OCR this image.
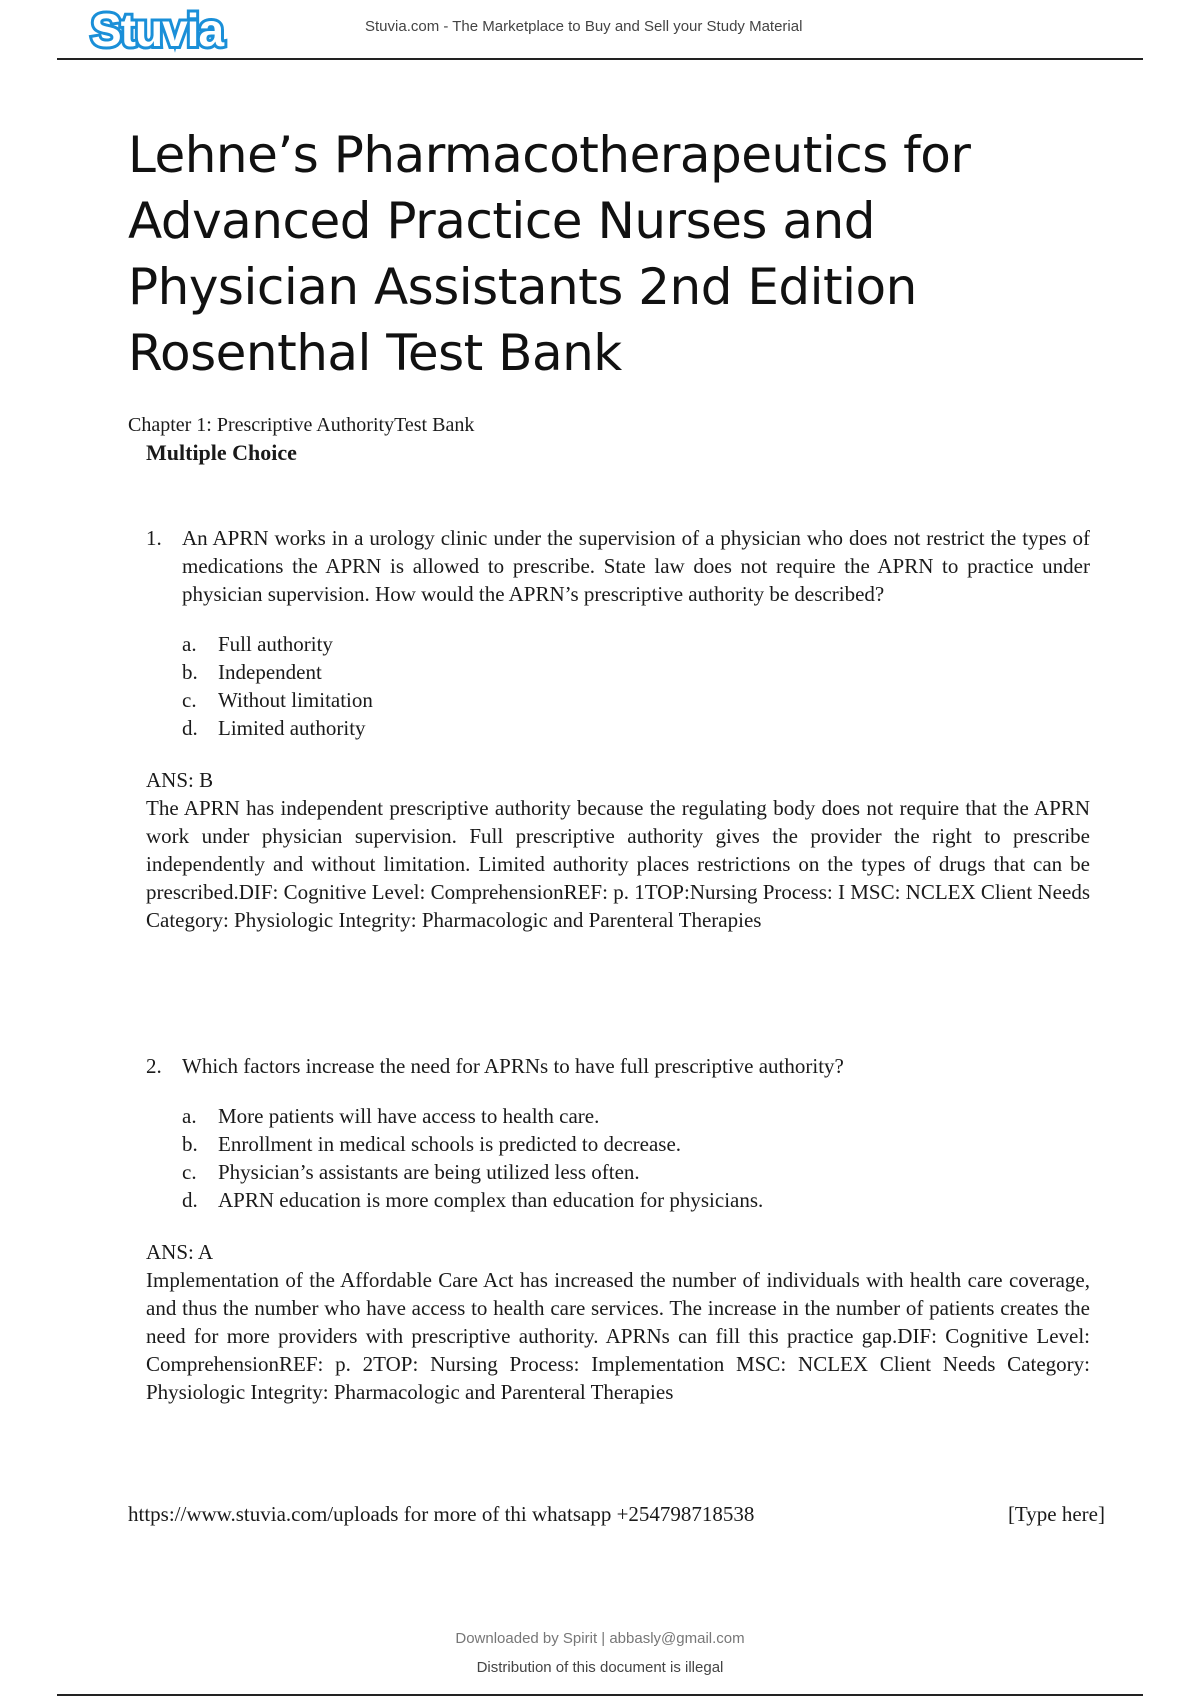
Stuvia	Stuvia.com - The Marketplace to Buy and Sell your Study Material
Lehne’s Pharmacotherapeutics for Advanced Practice Nurses and Physician Assistants 2nd Edition Rosenthal Test Bank
Chapter 1: Prescriptive AuthorityTest Bank
Multiple Choice
1. An APRN works in a urology clinic under the supervision of a physician who does not restrict the types of medications the APRN is allowed to prescribe. State law does not require the APRN to practice under physician supervision. How would the APRN’s prescriptive authority be described?
a. Full authority
b. Independent
c. Without limitation
d. Limited authority
ANS: B
The APRN has independent prescriptive authority because the regulating body does not require that the APRN work under physician supervision. Full prescriptive authority gives the provider the right to prescribe independently and without limitation. Limited authority places restrictions on the types of drugs that can be prescribed.DIF: Cognitive Level: ComprehensionREF: p. 1TOP:Nursing Process: I MSC: NCLEX Client Needs Category: Physiologic Integrity: Pharmacologic and Parenteral Therapies
2. Which factors increase the need for APRNs to have full prescriptive authority?
a. More patients will have access to health care.
b. Enrollment in medical schools is predicted to decrease.
c. Physician’s assistants are being utilized less often.
d. APRN education is more complex than education for physicians.
ANS: A
Implementation of the Affordable Care Act has increased the number of individuals with health care coverage, and thus the number who have access to health care services. The increase in the number of patients creates the need for more providers with prescriptive authority. APRNs can fill this practice gap.DIF: Cognitive Level: ComprehensionREF: p. 2TOP: Nursing Process: Implementation MSC: NCLEX Client Needs Category: Physiologic Integrity: Pharmacologic and Parenteral Therapies
https://www.stuvia.com/uploads for more of thi whatsapp +254798718538	[Type here]
Downloaded by Spirit | abbasly@gmail.com
Distribution of this document is illegal
